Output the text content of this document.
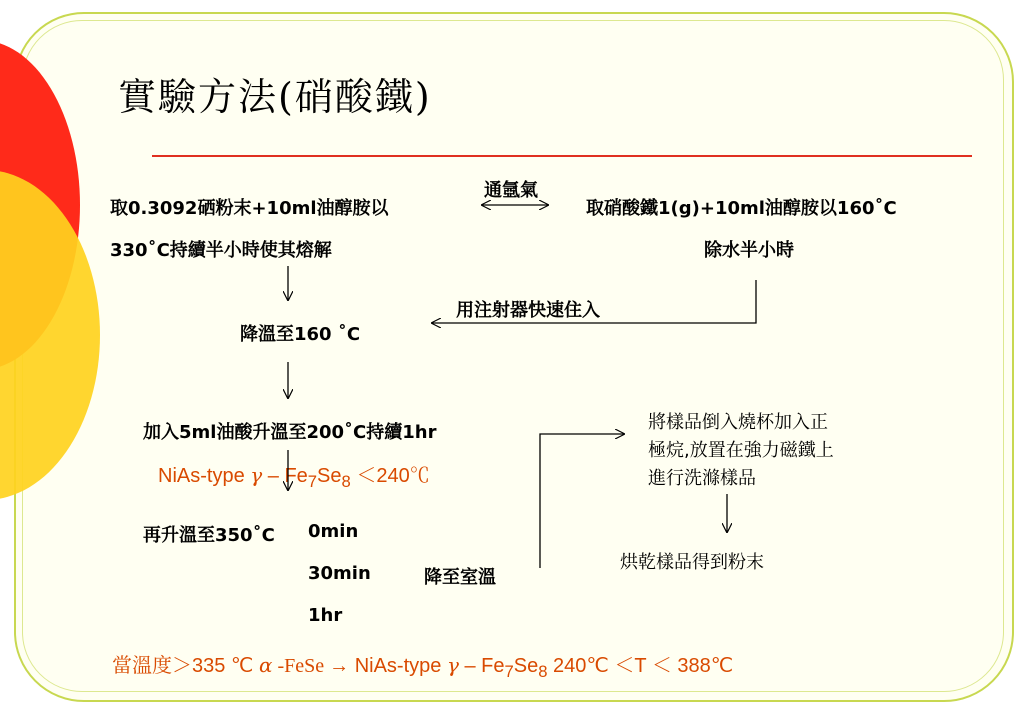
實驗方法(硝酸鐵)
取0.3092硒粉末+10ml油醇胺以
330˚C持續半小時使其熔解
通氬氣
取硝酸鐵1(g)+10ml油醇胺以160˚C
除水半小時
用注射器快速住入
降溫至160 ˚C
加入5ml油酸升溫至200˚C持續1hr
NiAs-type γ – $Fe_7Se_8$ ＜240℃
再升溫至350˚C 0min
30min
1hr
降至室溫
將樣品倒入燒杯加入正
極烷,放置在強力磁鐵上
進行洗滌樣品
烘乾樣品得到粉末
當溫度＞335 ℃ α -FeSe → NiAs-type γ – $Fe_7Se_8$ 240℃ ＜T ＜ 388℃
